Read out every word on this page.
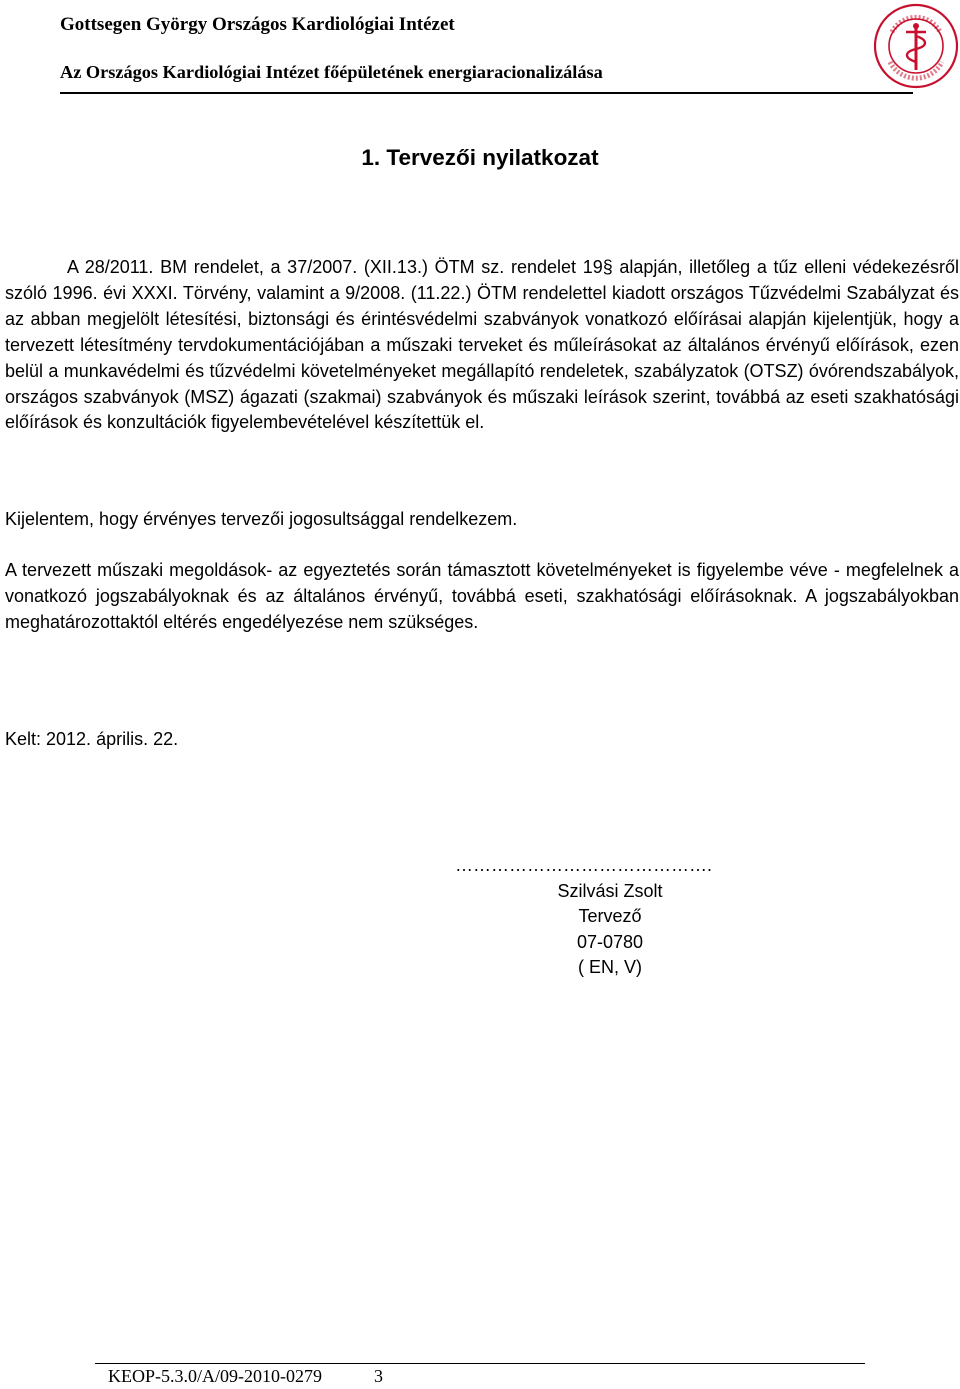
Gottsegen György Országos Kardiológiai Intézet
Az Országos Kardiológiai Intézet főépületének energiaracionalizálása
1. Tervezői nyilatkozat
A 28/2011. BM rendelet, a 37/2007. (XII.13.) ÖTM sz. rendelet 19§ alapján, illetőleg a tűz elleni védekezésről szóló 1996. évi XXXI. Törvény, valamint a 9/2008. (11.22.) ÖTM rendelettel kiadott országos Tűzvédelmi Szabályzat és az abban megjelölt létesítési, biztonsági és érintésvédelmi szabványok vonatkozó előírásai alapján kijelentjük, hogy a tervezett létesítmény tervdokumentációjában a műszaki terveket és műleírásokat az általános érvényű előírások, ezen belül a munkavédelmi és tűzvédelmi követelményeket megállapító rendeletek, szabályzatok (OTSZ) óvórendszabályok, országos szabványok (MSZ) ágazati (szakmai) szabványok és műszaki leírások szerint, továbbá az eseti szakhatósági előírások és konzultációk figyelembevételével készítettük el.
Kijelentem, hogy érvényes tervezői jogosultsággal rendelkezem.
A tervezett műszaki megoldások- az egyeztetés során támasztott követelményeket is figyelembe véve - megfelelnek a vonatkozó jogszabályoknak és az általános érvényű, továbbá eseti, szakhatósági előírásoknak. A jogszabályokban meghatározottaktól eltérés engedélyezése nem szükséges.
Kelt: 2012. április. 22.
…………………………………….
Szilvási Zsolt
Tervező
07-0780
( EN, V)
KEOP-5.3.0/A/09-2010-0279	3
